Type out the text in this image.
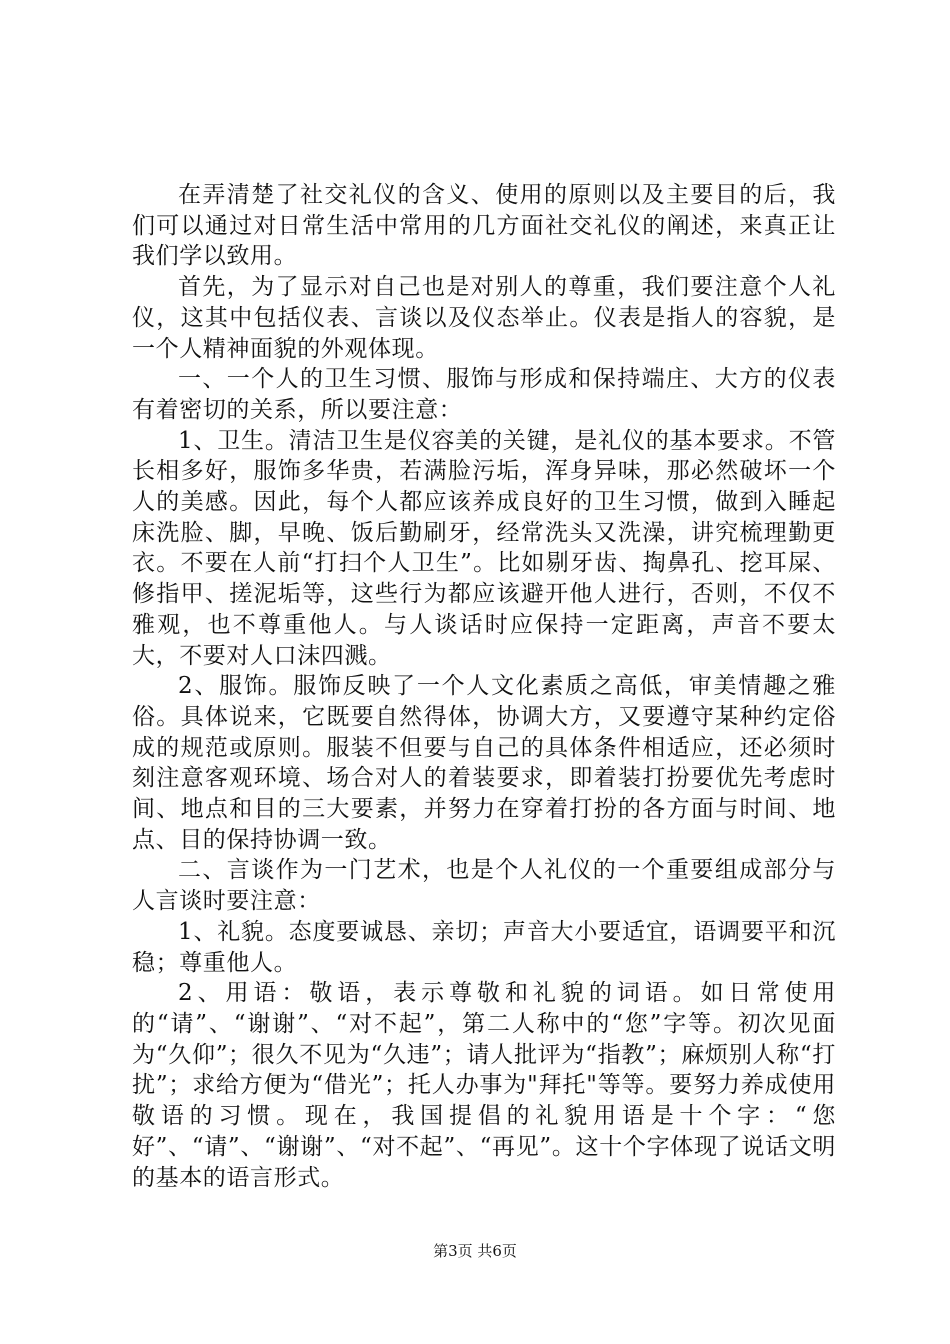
在弄清楚了社交礼仪的含义、使用的原则以及主要目的后，我们可以通过对日常生活中常用的几方面社交礼仪的阐述，来真正让我们学以致用。

首先，为了显示对自己也是对别人的尊重，我们要注意个人礼仪，这其中包括仪表、言谈以及仪态举止。仪表是指人的容貌，是一个人精神面貌的外观体现。

一、一个人的卫生习惯、服饰与形成和保持端庄、大方的仪表有着密切的关系，所以要注意：

1、卫生。清洁卫生是仪容美的关键，是礼仪的基本要求。不管长相多好，服饰多华贵，若满脸污垢，浑身异味，那必然破坏一个人的美感。因此，每个人都应该养成良好的卫生习惯，做到入睡起床洗脸、脚，早晚、饭后勤刷牙，经常洗头又洗澡，讲究梳理勤更衣。不要在人前“打扫个人卫生”。比如剔牙齿、掏鼻孔、挖耳屎、修指甲、搓泥垢等，这些行为都应该避开他人进行，否则，不仅不雅观，也不尊重他人。与人谈话时应保持一定距离，声音不要太大，不要对人口沫四溅。

2、服饰。服饰反映了一个人文化素质之高低，审美情趣之雅俗。具体说来，它既要自然得体，协调大方，又要遵守某种约定俗成的规范或原则。服装不但要与自己的具体条件相适应，还必须时刻注意客观环境、场合对人的着装要求，即着装打扮要优先考虑时间、地点和目的三大要素，并努力在穿着打扮的各方面与时间、地点、目的保持协调一致。

二、言谈作为一门艺术，也是个人礼仪的一个重要组成部分与人言谈时要注意：

1、礼貌。态度要诚恳、亲切；声音大小要适宜，语调要平和沉稳；尊重他人。

2、用语：敬语，表示尊敬和礼貌的词语。如日常使用的“请”、“谢谢”、“对不起”，第二人称中的“您”字等。初次见面为“久仰”；很久不见为“久违”；请人批评为“指教”；麻烦别人称“打扰”；求给方便为“借光”；托人办事为"拜托"等等。要努力养成使用敬语的习惯。现在，我国提倡的礼貌用语是十个字：“您好”、“请”、“谢谢”、“对不起”、“再见”。这十个字体现了说话文明的基本的语言形式。

第3页 共6页
